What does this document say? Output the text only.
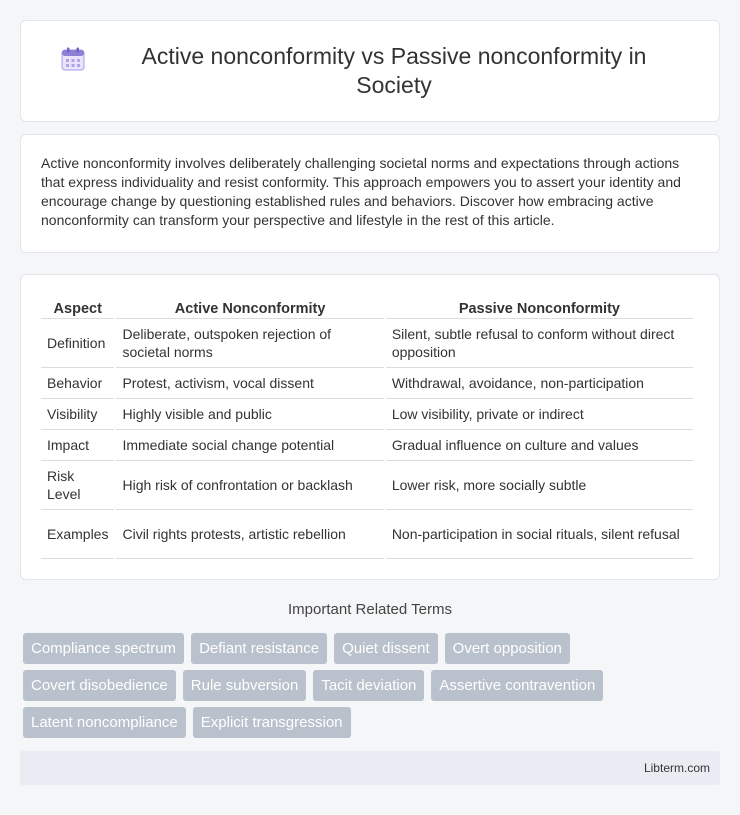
Active nonconformity vs Passive nonconformity in Society

Active nonconformity involves deliberately challenging societal norms and expectations through actions that express individuality and resist conformity. This approach empowers you to assert your identity and encourage change by questioning established rules and behaviors. Discover how embracing active nonconformity can transform your perspective and lifestyle in the rest of this article.

Aspect	Active Nonconformity	Passive Nonconformity
Definition	Deliberate, outspoken rejection of societal norms	Silent, subtle refusal to conform without direct opposition
Behavior	Protest, activism, vocal dissent	Withdrawal, avoidance, non-participation
Visibility	Highly visible and public	Low visibility, private or indirect
Impact	Immediate social change potential	Gradual influence on culture and values
Risk Level	High risk of confrontation or backlash	Lower risk, more socially subtle
Examples	Civil rights protests, artistic rebellion	Non-participation in social rituals, silent refusal
Important Related Terms
Compliance spectrum	Defiant resistance	Quiet dissent	Overt opposition
Covert disobedience	Rule subversion	Tacit deviation	Assertive contravention
Latent noncompliance	Explicit transgression
Libterm.com
